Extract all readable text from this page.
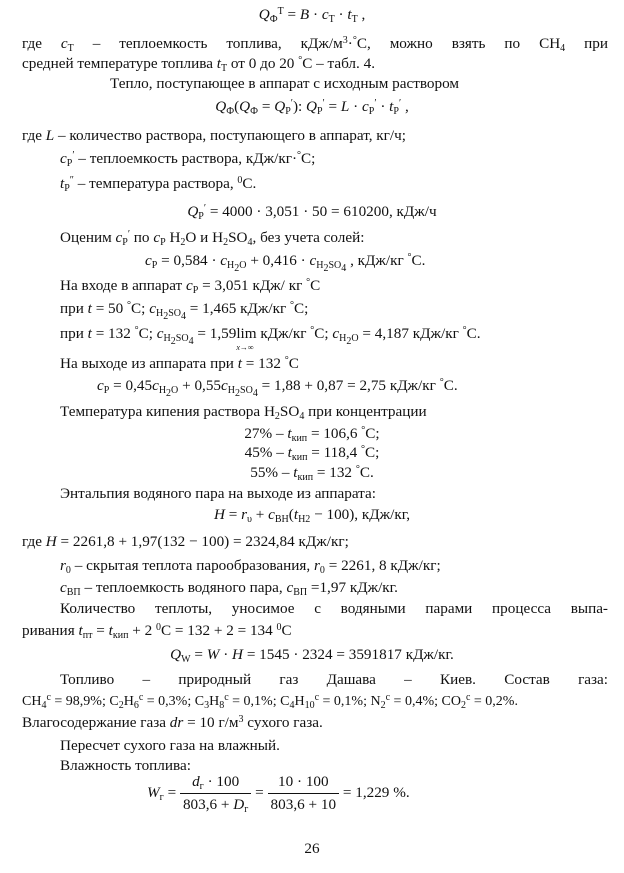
$Q_Ф^Т = B \cdot c_Т \cdot t_Т$ ,
где $c_Т$ – теплоемкость топлива, кДж/$м^3\cdot^\circ С$, можно взять по $CH_4$ при
средней температуре топлива $t_Т$ от 0 до 20 °С – табл. 4.
Тепло, поступающее в аппарат с исходным раствором
$Q_Ф(Q_Ф = Q_Р')$: $Q_Р' = L \cdot c_Р' \cdot t_Р'$ ,
где L – количество раствора, поступающего в аппарат, кг/ч;
$c_Р'$ – теплоемкость раствора, кДж/кг·°С;
$t_Р''$ – температура раствора, $^0$С.
$Q_Р' = 4000 \cdot 3,051 \cdot 50 = 610200$, кДж/ч
Оценим $c_Р'$ по $c_Р$ $H_2O$ и $H_2SO_4$, без учета солей:
$c_Р = 0,584 \cdot c_{H_2O} + 0,416 \cdot c_{H_2SO_4}$ , кДж/кг °С.
На входе в аппарат $c_Р = 3,051$ кДж/ кг °С
при t = 50 °С; $c_{H_2SO_4} = 1,465$ кДж/кг °С;
при t = 132 °С; $c_{H_2SO_4} = 1,59\lim$
x→∞
кДж/кг °С; $c_{H_2O} = 4,187$ кДж/кг °С.
На выходе из аппарата при t = 132 °С
$c_Р = 0,45c_{H_2O} + 0,55c_{H_2SO_4} = 1,88 + 0,87 = 2,75$ кДж/кг °С.
Температура кипения раствора $H_2SO_4$ при концентрации
$27\% - t_{кип} = 106,6$ °С;
$45\% - t_{кип} = 118,4$ °С;
$55\% - t_{кип} = 132$ °С.
Энтальпия водяного пара на выходе из аппарата:
$H = r_\upsilon + c_{ВН}(t_{Н2} - 100)$, кДж/кг,
где H = 2261,8 + 1,97(132 − 100) = 2324,84 кДж/кг;
$r_0$ – скрытая теплота парообразования, $r_0 = 2261$, 8 кДж/кг;
$c_{ВП}$ – теплоемкость водяного пара, $c_{ВП} =1,97$ кДж/кг.
Количество теплоты, уносимое с водяными парами процесса выпа-
ривания $t_{пт} = t_{кип} + 2$ $^0$С = 132 + 2 = 134 $^0$С
$Q_W = W \cdot H = 1545 \cdot 2324 = 3591817$ кДж/кг.
Топливо – природный газ Дашава – Киев. Состав газа:
$CH_4^с = 98,9\%$; $C_2H_6^с = 0,3\%$; $C_3H_8^с = 0,1\%$; $C_4H_{10}^с = 0,1\%$; $N_2^с = 0,4\%$; $CO_2^с = 0,2\%$.
Влагосодержание газа dr = 10 $г/м^3$ сухого газа.
Пересчет сухого газа на влажный.
Влажность топлива:
$W_г = \frac{d_г \cdot 100}{803,6 + D_г} = \frac{10 \cdot 100}{803,6 + 10} = 1,229$ %.
26
